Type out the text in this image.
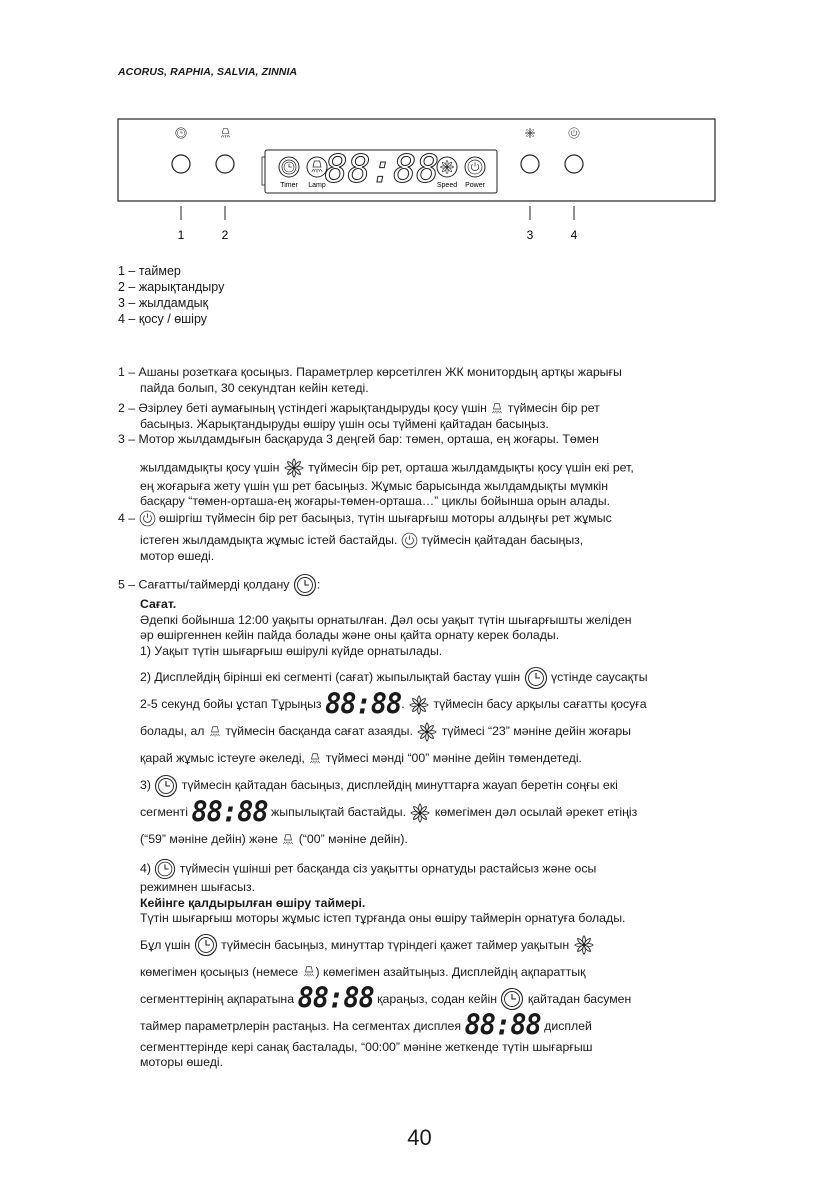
ACORUS, RAPHIA, SALVIA, ZINNIA
Timer Lamp	Speed Power
88:88
1	2	3	4
1 – таймер
2 – жарықтандыру
3 – жылдамдық
4 – қосу / өшіру

1 – Ашаны розеткаға қосыңыз. Параметрлер көрсетілген ЖК монитордың артқы жарығы

пайда болып, 30 секундтан кейін кетеді.

2 – Әзірлеу беті аумағының үстіндегі жарықтандыруды қосу үшін  түймесін бір рет

басыңыз. Жарықтандыруды өшіру үшін осы түймені қайтадан басыңыз.

3 – Мотор жылдамдығын басқаруда 3 деңгей бар: төмен, орташа, ең жоғары. Төмен

жылдамдықты қосу үшін  түймесін бір рет, орташа жылдамдықты қосу үшін екі рет,

ең жоғарыға жету үшін үш рет басыңыз. Жұмыс барысында жылдамдықты мүмкін

басқару “төмен-орташа-ең жоғары-төмен-орташа…” циклы бойынша орын алады.

4 –  өшіргіш түймесін бір рет басыңыз, түтін шығарғыш моторы алдыңғы рет жұмыс

істеген жылдамдықта жұмыс істей бастайды.  түймесін қайтадан басыңыз,

мотор өшеді.

5 – Сағатты/таймерді қолдану :

Сағат.

Әдепкі бойынша 12:00 уақыты орнатылған. Дәл осы уақыт түтін шығарғышты желіден

әр өшіргеннен кейін пайда болады және оны қайта орнату керек болады.

1) Уақыт түтін шығарғыш өшірулі күйде орнатылады.

2) Дисплейдің бірінші екі сегменті (сағат) жыпылықтай бастау үшін  үстінде саусақты

2-5 секунд бойы ұстап Тұрыңыз 88:88.  түймесін басу арқылы сағатты қосуға

болады, ал  түймесін басқанда сағат азаяды.  түймесі “23” мәніне дейін жоғары

қарай жұмыс істеуге әкеледі,  түймесі мәнді “00” мәніне дейін төмендетеді.

3)  түймесін қайтадан басыңыз, дисплейдің минуттарға жауап беретін соңғы екі

сегменті 88:88 жыпылықтай бастайды.  көмегімен дәл осылай әрекет етіңіз

(“59” мәніне дейін) және  (“00” мәніне дейін).

4)  түймесін үшінші рет басқанда сіз уақытты орнатуды растайсыз және осы

режимнен шығасыз.

Кейінге қалдырылған өшіру таймері.

Түтін шығарғыш моторы жұмыс істеп тұрғанда оны өшіру таймерін орнатуға болады.

Бұл үшін  түймесін басыңыз, минуттар түріндегі қажет таймер уақытын

көмегімен қосыңыз (немесе ) көмегімен азайтыңыз. Дисплейдің ақпараттық

сегменттерінің ақпаратына 88:88 қараңыз, содан кейін  қайтадан басумен

таймер параметрлерін растаңыз. На сегментах дисплея 88:88 дисплей

сегменттерінде кері санақ басталады, “00:00” мәніне жеткенде түтін шығарғыш

моторы өшеді.

40
